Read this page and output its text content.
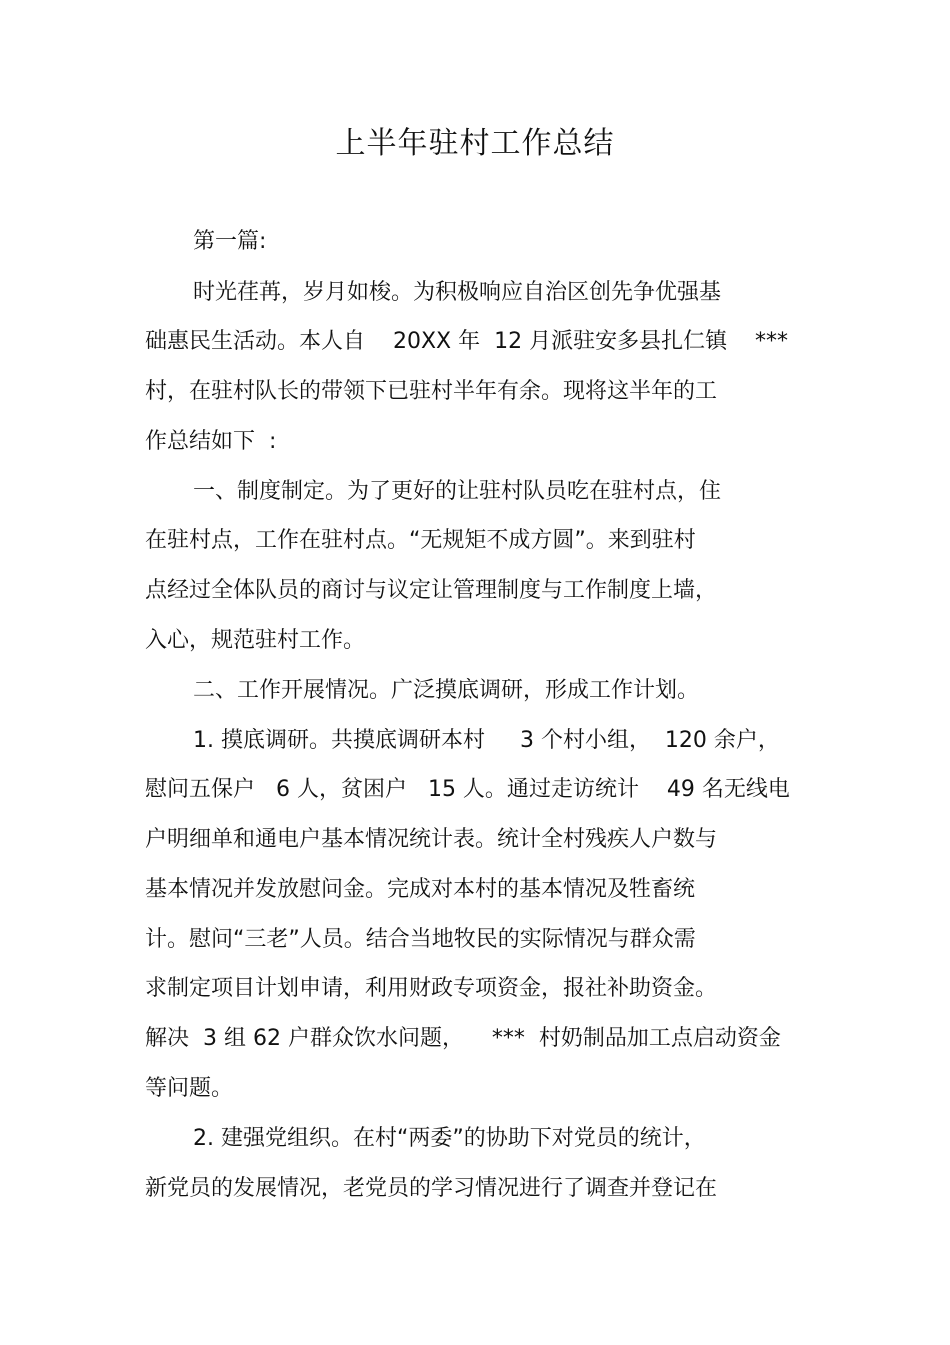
上半年驻村工作总结
第一篇:
时光荏苒，岁月如梭。为积极响应自治区创先争优强基
础惠民生活动。本人自    20XX 年  12 月派驻安多县扎仁镇    ***
村，在驻村队长的带领下已驻村半年有余。现将这半年的工
作总结如下  :
一、制度制定。为了更好的让驻村队员吃在驻村点，住
在驻村点，工作在驻村点。“无规矩不成方圆”。来到驻村
点经过全体队员的商讨与议定让管理制度与工作制度上墙，
入心，规范驻村工作。
二、工作开展情况。广泛摸底调研，形成工作计划。
1. 摸底调研。共摸底调研本村     3 个村小组，  120 余户，
慰问五保户   6 人，贫困户   15 人。通过走访统计    49 名无线电
户明细单和通电户基本情况统计表。统计全村残疾人户数与
基本情况并发放慰问金。完成对本村的基本情况及牲畜统
计。慰问“三老”人员。结合当地牧民的实际情况与群众需
求制定项目计划申请，利用财政专项资金，报社补助资金。
解决  3 组 62 户群众饮水问题，    ***  村奶制品加工点启动资金
等问题。
2. 建强党组织。在村“两委”的协助下对党员的统计，
新党员的发展情况，老党员的学习情况进行了调查并登记在
